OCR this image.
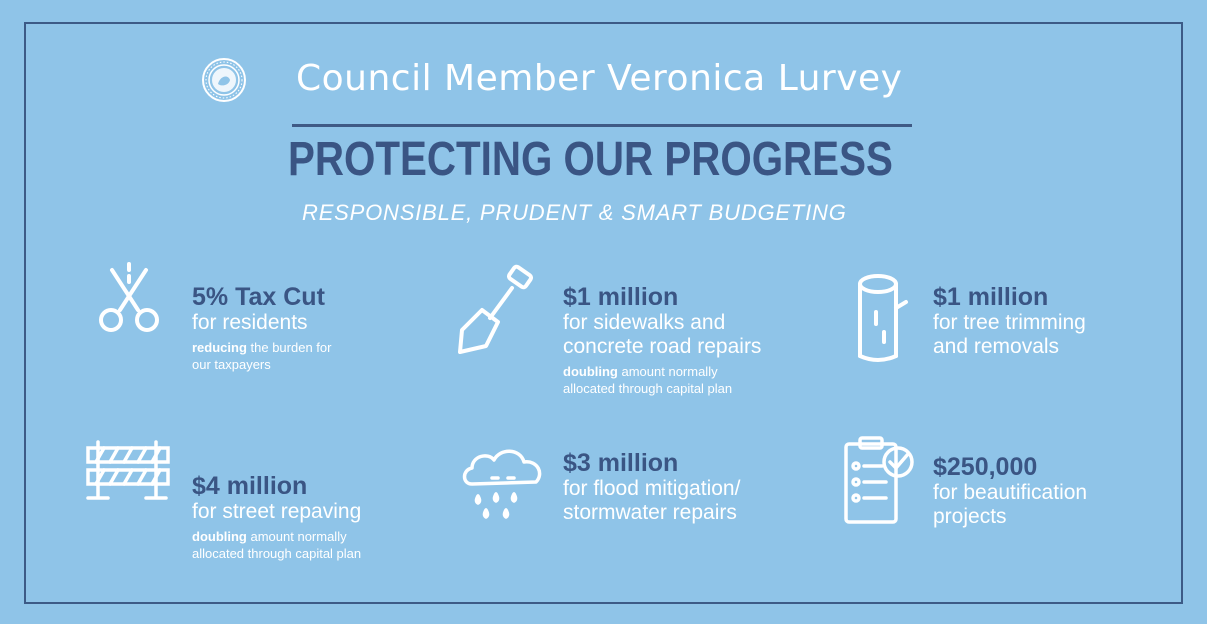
Council Member Veronica Lurvey
PROTECTING OUR PROGRESS
RESPONSIBLE, PRUDENT & SMART BUDGETING
5% Tax Cut
for residents
reducing the burden for
our taxpayers
$1 million
for sidewalks and
concrete road repairs
doubling amount normally
allocated through capital plan
$1 million
for tree trimming
and removals
$4 million
for street repaving
doubling amount normally
allocated through capital plan
$3 million
for flood mitigation/
stormwater repairs
$250,000
for beautification
projects
